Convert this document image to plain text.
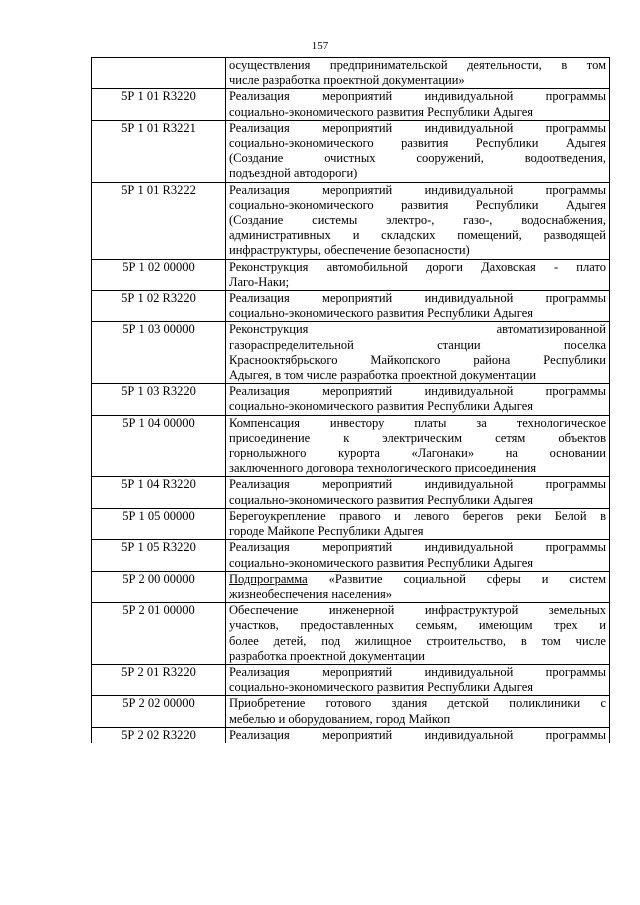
157

	осуществления предпринимательской деятельности, в том
числе разработка проектной документации»

5Р 1 01 R3220	Реализация мероприятий индивидуальной программы
социально-экономического развития Республики Адыгея

5Р 1 01 R3221	Реализация мероприятий индивидуальной программы
социально-экономического развития Республики Адыгея
(Создание очистных сооружений, водоотведения,
подъездной автодороги)

5Р 1 01 R3222	Реализация мероприятий индивидуальной программы
социально-экономического развития Республики Адыгея
(Создание системы электро-, газо-, водоснабжения,
административных и складских помещений, разводящей
инфраструктуры, обеспечение безопасности)

5Р 1 02 00000	Реконструкция автомобильной дороги Даховская - плато
Лаго-Наки;

5Р 1 02 R3220	Реализация мероприятий индивидуальной программы
социально-экономического развития Республики Адыгея

5Р 1 03 00000	Реконструкция автоматизированной
газораспределительной станции поселка
Краснооктябрьского Майкопского района Республики
Адыгея, в том числе разработка проектной документации

5Р 1 03 R3220	Реализация мероприятий индивидуальной программы
социально-экономического развития Республики Адыгея

5Р 1 04 00000	Компенсация инвестору платы за технологическое
присоединение к электрическим сетям объектов
горнолыжного курорта «Лагонаки» на основании
заключенного договора технологического присоединения

5Р 1 04 R3220	Реализация мероприятий индивидуальной программы
социально-экономического развития Республики Адыгея

5Р 1 05 00000	Берегоукрепление правого и левого берегов реки Белой в
городе Майкопе Республики Адыгея

5Р 1 05 R3220	Реализация мероприятий индивидуальной программы
социально-экономического развития Республики Адыгея

5Р 2 00 00000	Подпрограмма «Развитие социальной сферы и систем
жизнеобеспечения населения»

5Р 2 01 00000	Обеспечение инженерной инфраструктурой земельных
участков, предоставленных семьям, имеющим трех и
более детей, под жилищное строительство, в том числе
разработка проектной документации

5Р 2 01 R3220	Реализация мероприятий индивидуальной программы
социально-экономического развития Республики Адыгея

5Р 2 02 00000	Приобретение готового здания детской поликлиники с
мебелью и оборудованием, город Майкоп

5Р 2 02 R3220	Реализация мероприятий индивидуальной программы
